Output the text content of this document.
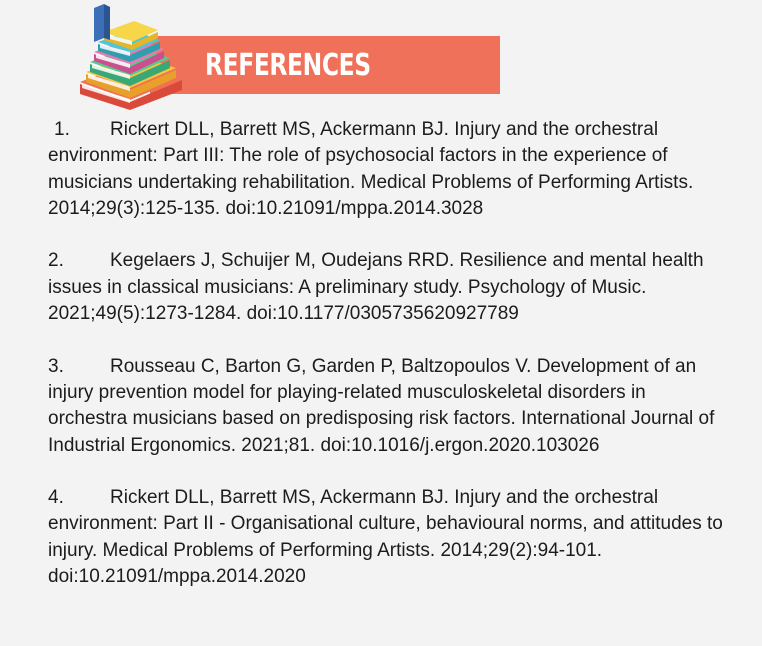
REFERENCES

1. Rickert DLL, Barrett MS, Ackermann BJ. Injury and the orchestral environment: Part III: The role of psychosocial factors in the experience of musicians undertaking rehabilitation. Medical Problems of Performing Artists. 2014;29(3):125-135. doi:10.21091/mppa.2014.3028

2. Kegelaers J, Schuijer M, Oudejans RRD. Resilience and mental health issues in classical musicians: A preliminary study. Psychology of Music. 2021;49(5):1273-1284. doi:10.1177/0305735620927789

3. Rousseau C, Barton G, Garden P, Baltzopoulos V. Development of an injury prevention model for playing-related musculoskeletal disorders in orchestra musicians based on predisposing risk factors. International Journal of Industrial Ergonomics. 2021;81. doi:10.1016/j.ergon.2020.103026

4. Rickert DLL, Barrett MS, Ackermann BJ. Injury and the orchestral environment: Part II - Organisational culture, behavioural norms, and attitudes to injury. Medical Problems of Performing Artists. 2014;29(2):94-101. doi:10.21091/mppa.2014.2020
